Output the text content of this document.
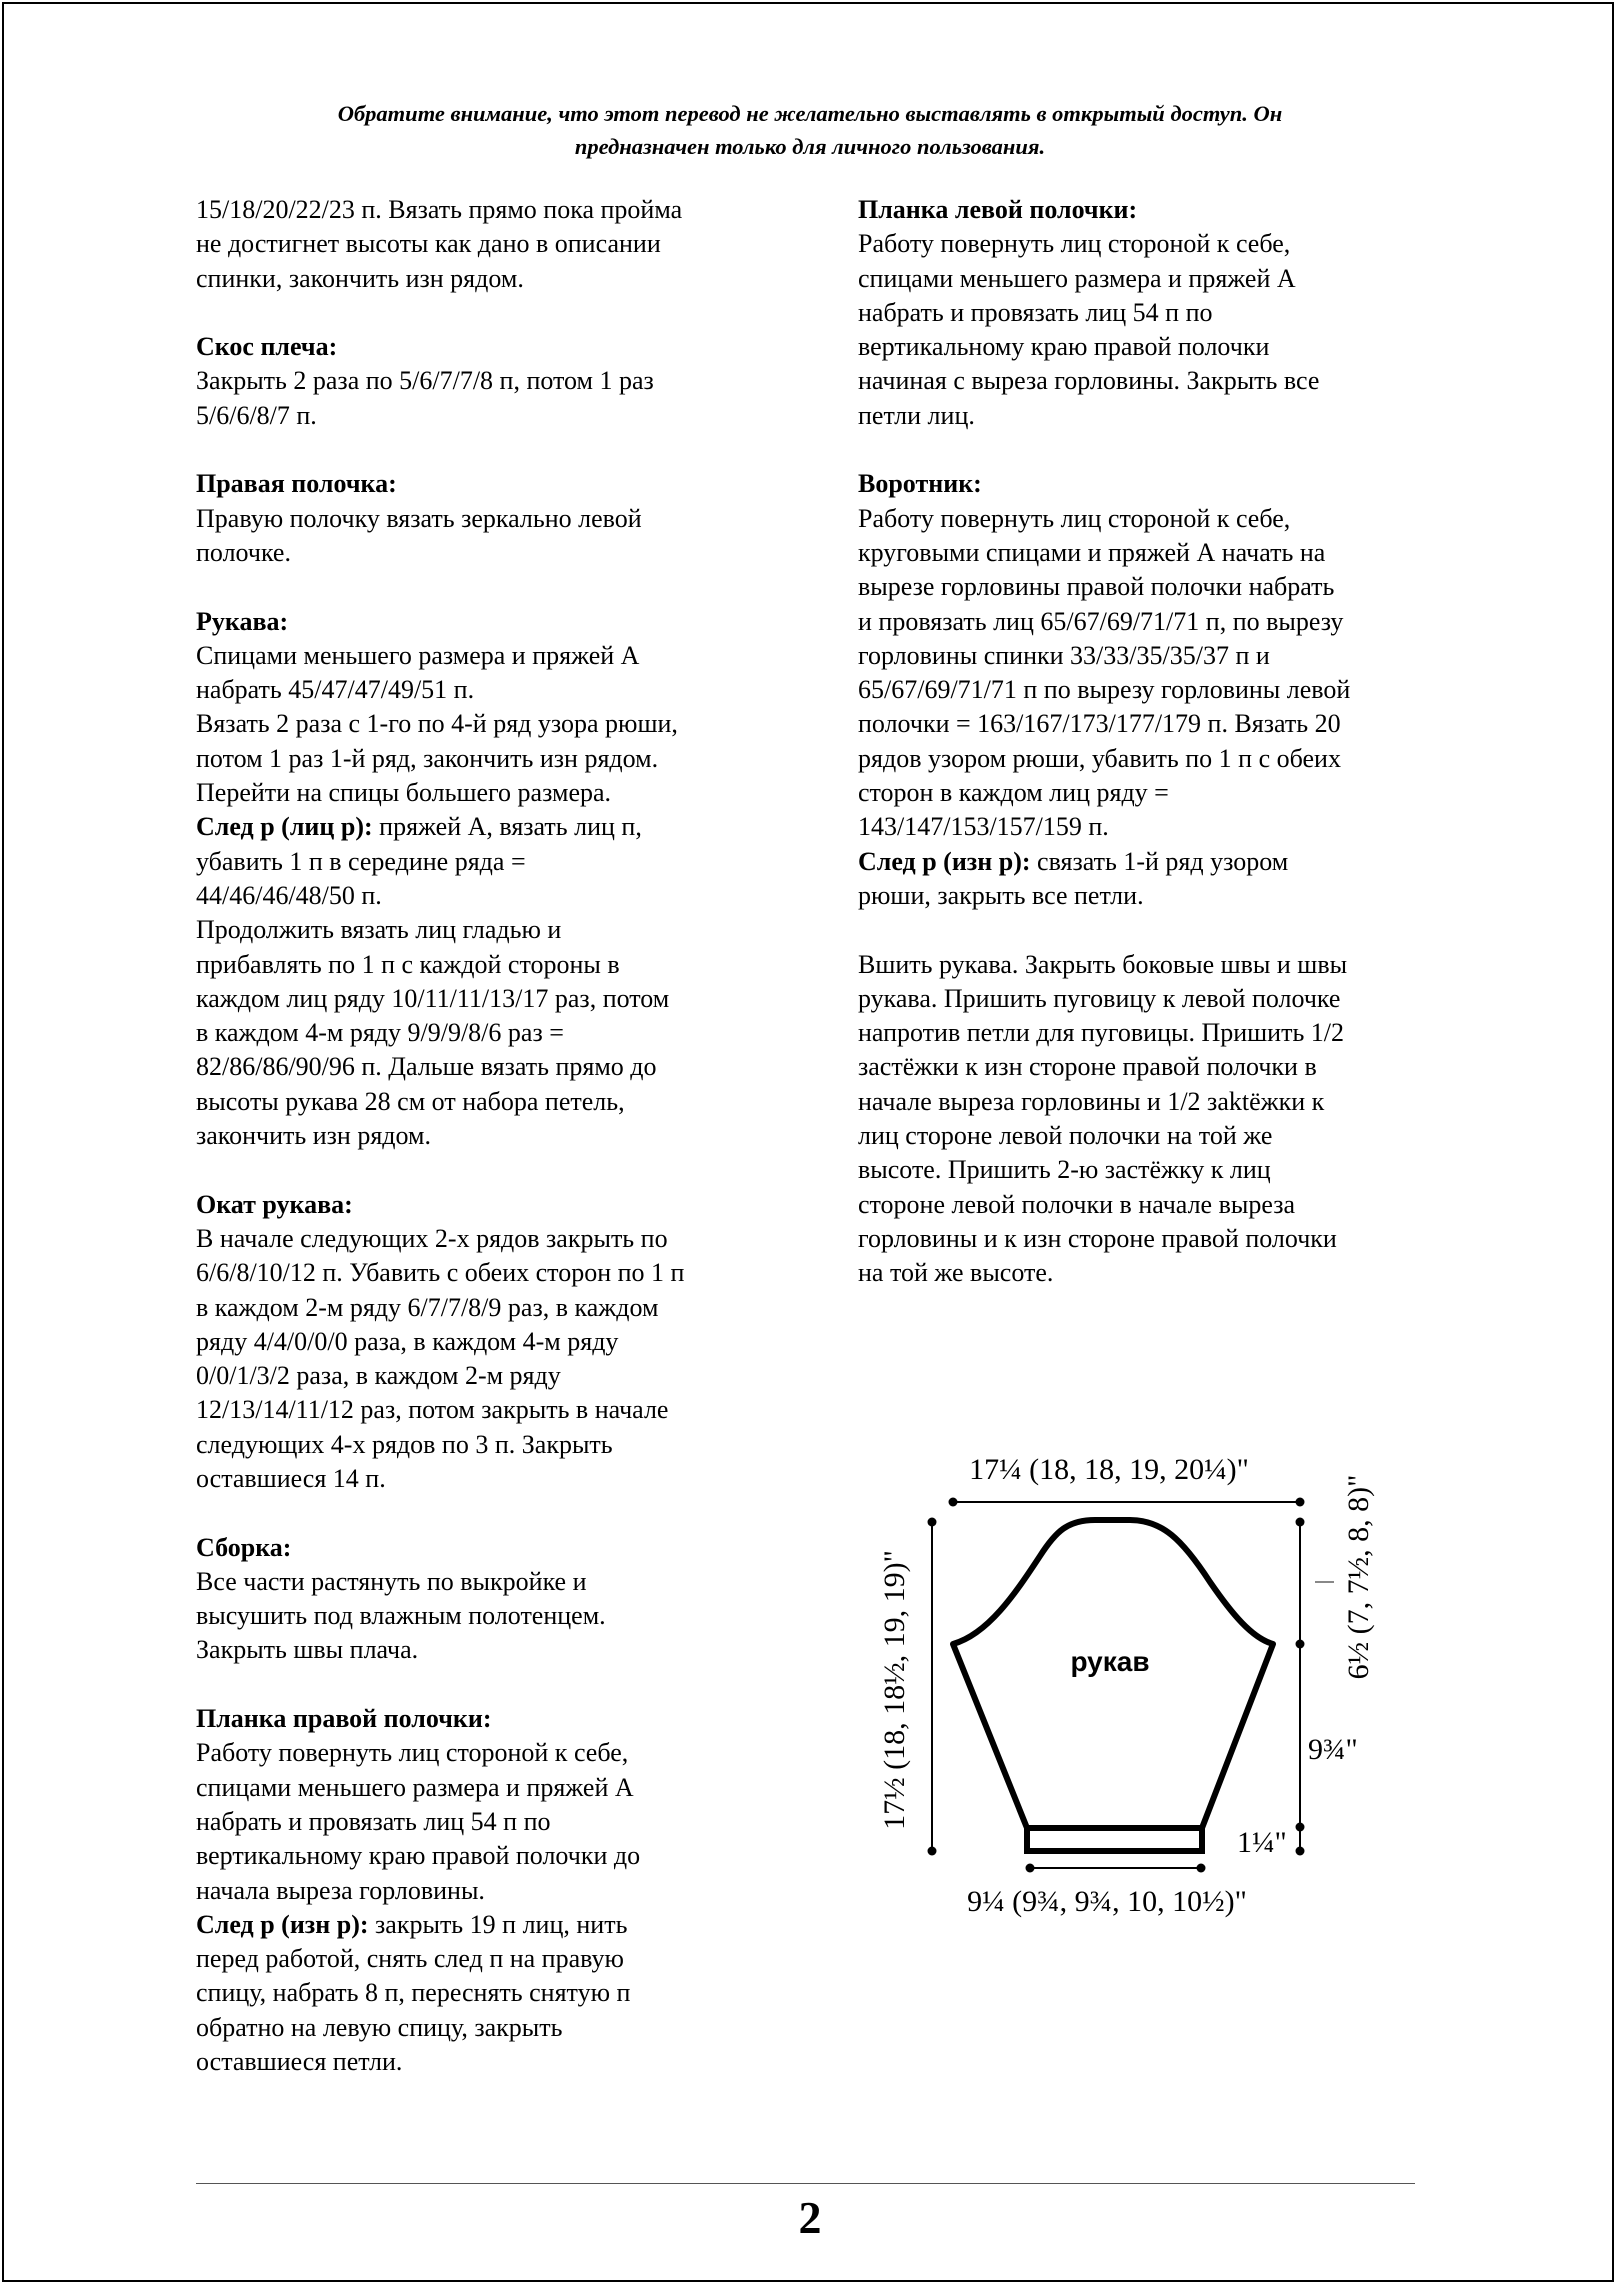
Обратите внимание, что этот перевод не желательно выставлять в открытый доступ. Он
предназначен только для личного пользования.

15/18/20/22/23 п. Вязать прямо пока пройма

не достигнет высоты как дано в описании

спинки, закончить изн рядом.

Скос плеча:

Закрыть 2 раза по 5/6/7/7/8 п, потом 1 раз

5/6/6/8/7 п.

Правая полочка:

Правую полочку вязать зеркально левой

полочке.

Рукава:

Спицами меньшего размера и пряжей А

набрать 45/47/47/49/51 п.

Вязать 2 раза с 1-го по 4-й ряд узора рюши,

потом 1 раз 1-й ряд, закончить изн рядом.

Перейти на спицы большего размера.

След р (лиц р): пряжей А, вязать лиц п,

убавить 1 п в середине ряда =

44/46/46/48/50 п.

Продолжить вязать лиц гладью и

прибавлять по 1 п с каждой стороны в

каждом лиц ряду 10/11/11/13/17 раз, потом

в каждом 4-м ряду 9/9/9/8/6 раз =

82/86/86/90/96 п. Дальше вязать прямо до

высоты рукава 28 см от набора петель,

закончить изн рядом.

Окат рукава:

В начале следующих 2-х рядов закрыть по

6/6/8/10/12 п. Убавить с обеих сторон по 1 п

в каждом 2-м ряду 6/7/7/8/9 раз, в каждом

ряду 4/4/0/0/0 раза, в каждом 4-м ряду

0/0/1/3/2 раза, в каждом 2-м ряду

12/13/14/11/12 раз, потом закрыть в начале

следующих 4-х рядов по 3 п. Закрыть

оставшиеся 14 п.

Сборка:

Все части растянуть по выкройке и

высушить под влажным полотенцем.

Закрыть швы плача.

Планка правой полочки:

Работу повернуть лиц стороной к себе,

спицами меньшего размера и пряжей А

набрать и провязать лиц 54 п по

вертикальному краю правой полочки до

начала выреза горловины.

След р (изн р): закрыть 19 п лиц, нить

перед работой, снять след п на правую

спицу, набрать 8 п, переснять снятую п

обратно на левую спицу, закрыть

оставшиеся петли.

Планка левой полочки:

Работу повернуть лиц стороной к себе,

спицами меньшего размера и пряжей А

набрать и провязать лиц 54 п по

вертикальному краю правой полочки

начиная с выреза горловины. Закрыть все

петли лиц.

Воротник:

Работу повернуть лиц стороной к себе,

круговыми спицами и пряжей А начать на

вырезе горловины правой полочки набрать

и провязать лиц 65/67/69/71/71 п, по вырезу

горловины спинки 33/33/35/35/37 п и

65/67/69/71/71 п по вырезу горловины левой

полочки = 163/167/173/177/179 п. Вязать 20

рядов узором рюши, убавить по 1 п с обеих

сторон в каждом лиц ряду =

143/147/153/157/159 п.

След р (изн р): связать 1-й ряд узором

рюши, закрыть все петли.

Вшить рукава. Закрыть боковые швы и швы

рукава. Пришить пуговицу к левой полочке

напротив петли для пуговицы. Пришить 1/2

застёжки к изн стороне правой полочки в

начале выреза горловины и 1/2 заktёжки к

лиц стороне левой полочки на той же

высоте. Пришить 2-ю застёжку к лиц

стороне левой полочки в начале выреза

горловины и к изн стороне правой полочки

на той же высоте.

17¼ (18, 18, 19, 20¼)"
рукав
17½ (18, 18½, 19, 19)"	6½ (7, 7½, 8, 8)"
9¾"
1¼"
9¼ (9¾, 9¾, 10, 10½)"
2
